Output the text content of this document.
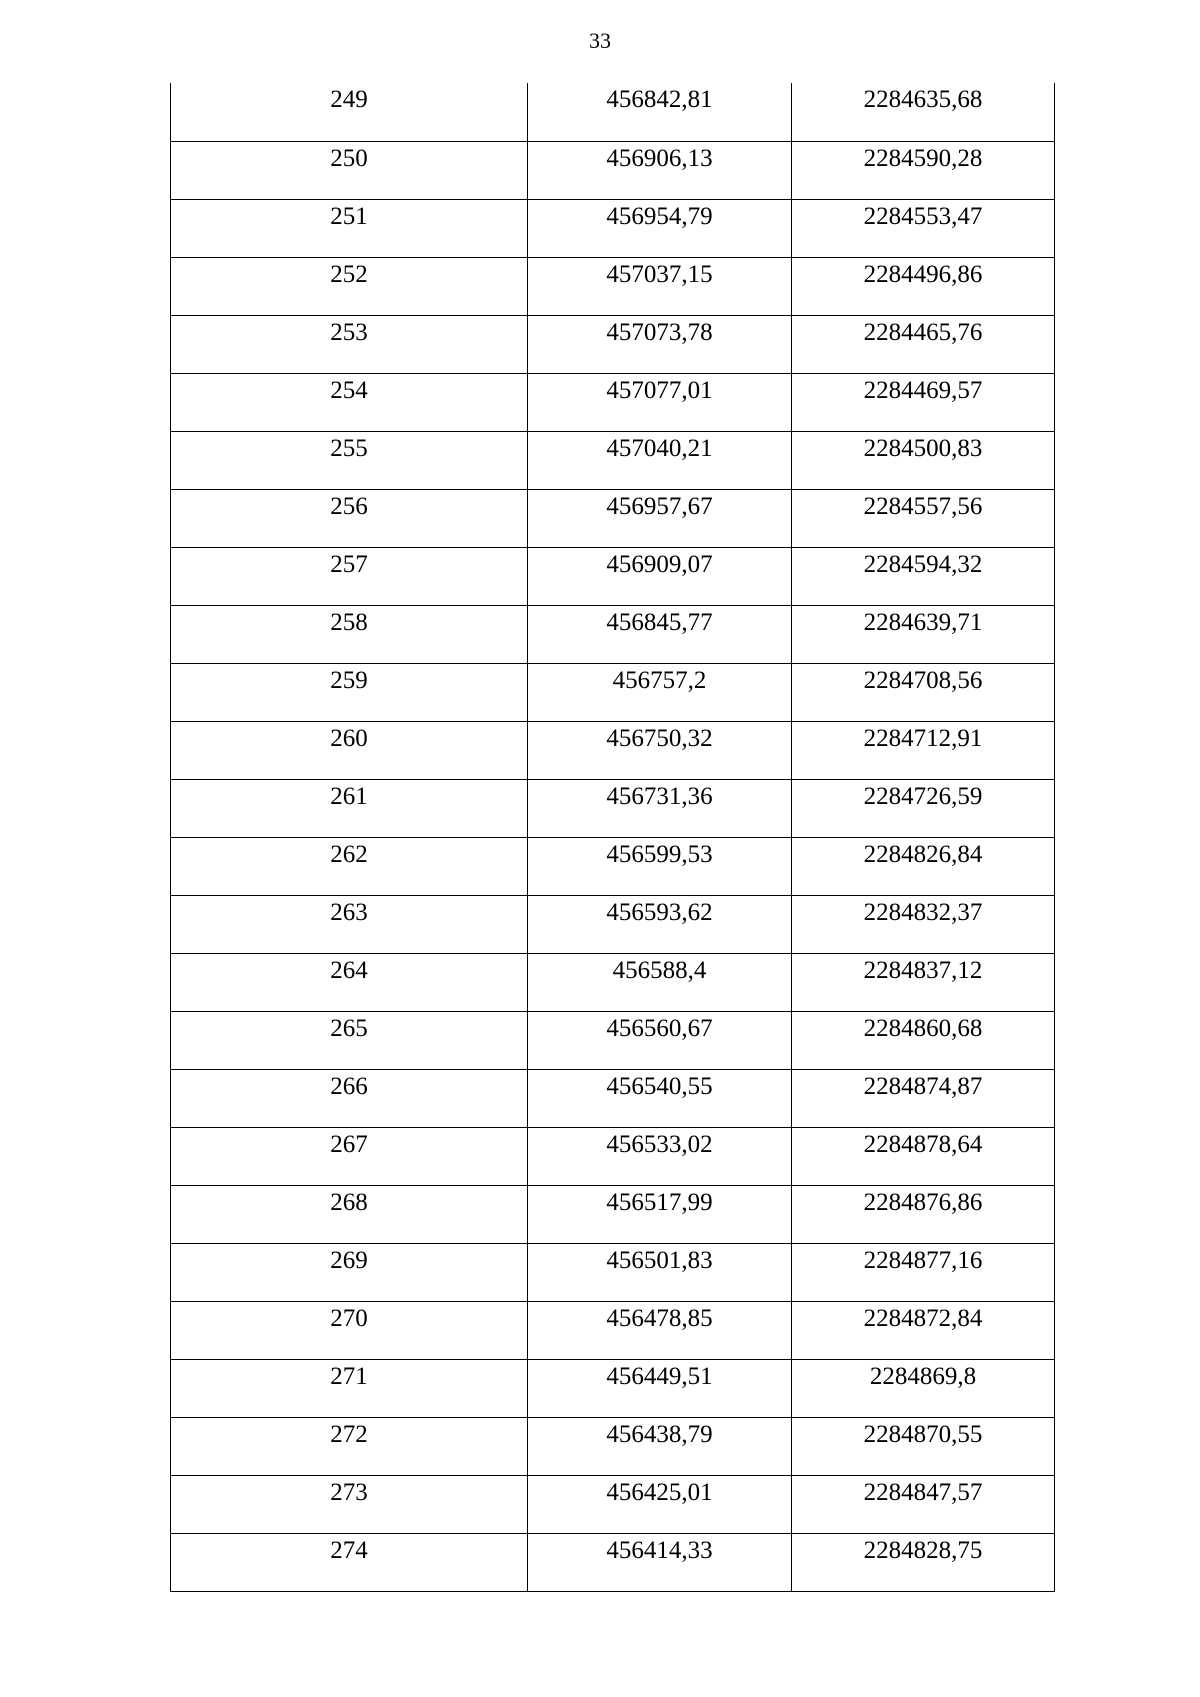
33
249	456842,81	2284635,68
250	456906,13	2284590,28
251	456954,79	2284553,47
252	457037,15	2284496,86
253	457073,78	2284465,76
254	457077,01	2284469,57
255	457040,21	2284500,83
256	456957,67	2284557,56
257	456909,07	2284594,32
258	456845,77	2284639,71
259	456757,2	2284708,56
260	456750,32	2284712,91
261	456731,36	2284726,59
262	456599,53	2284826,84
263	456593,62	2284832,37
264	456588,4	2284837,12
265	456560,67	2284860,68
266	456540,55	2284874,87
267	456533,02	2284878,64
268	456517,99	2284876,86
269	456501,83	2284877,16
270	456478,85	2284872,84
271	456449,51	2284869,8
272	456438,79	2284870,55
273	456425,01	2284847,57
274	456414,33	2284828,75
